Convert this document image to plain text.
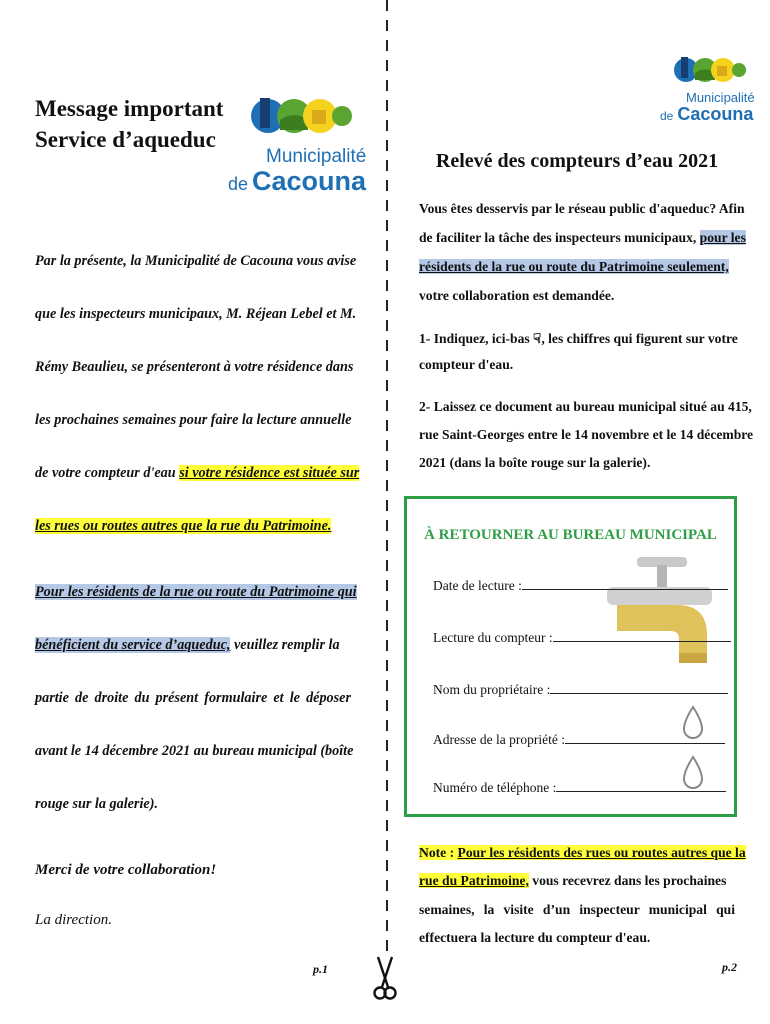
Message important
Service d’aqueduc
Municipalité
de Cacouna
Par la présente, la Municipalité de Cacouna vous avise
que les inspecteurs municipaux, M. Réjean Lebel et M.
Rémy Beaulieu, se présenteront à votre résidence dans
les prochaines semaines pour faire la lecture annuelle
de votre compteur d'eau si votre résidence est située sur
les rues ou routes autres que la rue du Patrimoine.
Pour les résidents de la rue ou route du Patrimoine qui
bénéficient du service d’aqueduc, veuillez remplir la
partie de droite du présent formulaire et le déposer
avant le 14 décembre 2021 au bureau municipal (boîte
rouge sur la galerie).
Merci de votre collaboration!
La direction.
p.1
Municipalité
de Cacouna
Relevé des compteurs d’eau 2021
Vous êtes desservis par le réseau public d'aqueduc? Afin
de faciliter la tâche des inspecteurs municipaux, pour les
résidents de la rue ou route du Patrimoine seulement,
votre collaboration est demandée.
1- Indiquez, ici-bas ☟, les chiffres qui figurent sur votre
compteur d'eau.
2- Laissez ce document au bureau municipal situé au 415,
rue Saint-Georges entre le 14 novembre et le 14 décembre
2021 (dans la boîte rouge sur la galerie).
À RETOURNER AU BUREAU MUNICIPAL
Date de lecture :
Lecture du compteur :
Nom du propriétaire :
Adresse de la propriété :
Numéro de téléphone :
Note : Pour les résidents des rues ou routes autres que la
rue du Patrimoine, vous recevrez dans les prochaines
semaines, la visite d’un inspecteur municipal qui
effectuera la lecture du compteur d'eau.
p.2
